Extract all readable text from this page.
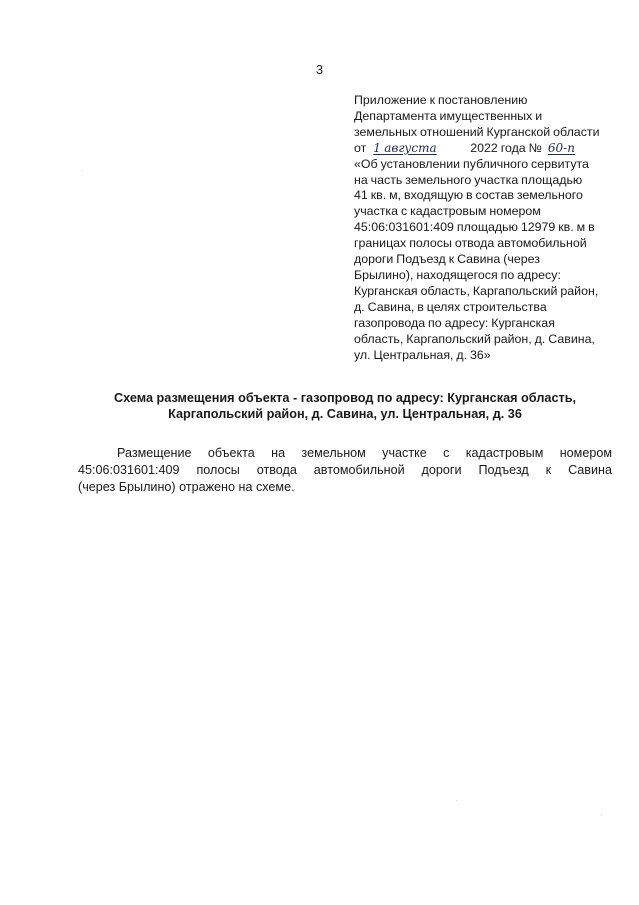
3
Приложение к постановлению
Департамента имущественных и
земельных отношений Курганской области
от 1 августа	2022 года № 60-п
«Об установлении публичного сервитута
на часть земельного участка площадью
41 кв. м, входящую в состав земельного
участка с кадастровым номером
45:06:031601:409 площадью 12979 кв. м в
границах полосы отвода автомобильной
дороги Подъезд к Савина (через
Брылино), находящегося по адресу:
Курганская область, Каргапольский район,
д. Савина, в целях строительства
газопровода по адресу: Курганская
область, Каргапольский район, д. Савина,
ул. Центральная, д. 36»
Схема размещения объекта - газопровод по адресу: Курганская область,
Каргапольский район, д. Савина, ул. Центральная, д. 36
Размещение объекта на земельном участке с кадастровым номером
45:06:031601:409 полосы отвода автомобильной дороги Подъезд к Савина
(через Брылино) отражено на схеме.
